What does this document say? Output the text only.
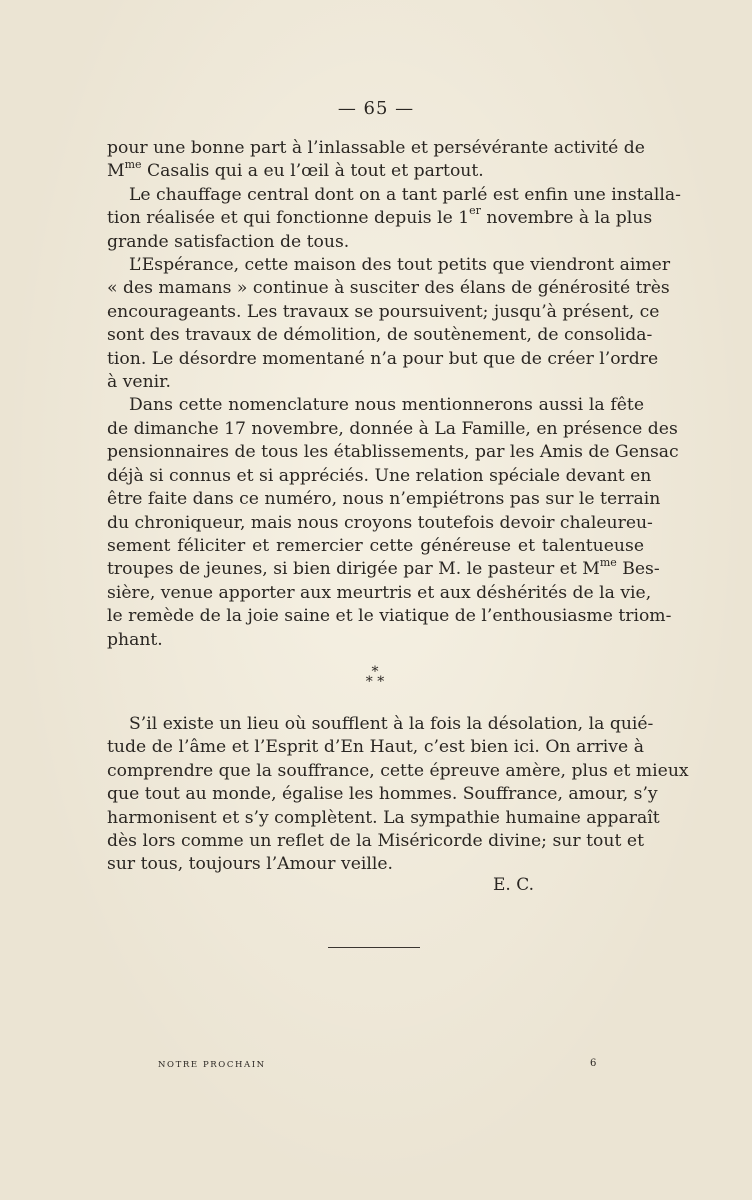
— 65 —
pour une bonne part à l’inlassable et persévérante activité de
$M^{me}$ Casalis qui a eu l’œil à tout et partout.
Le chauffage central dont on a tant parlé est enfin une installa-
tion réalisée et qui fonctionne depuis le 1er novembre à la plus
grande satisfaction de tous.
L’Espérance, cette maison des tout petits que viendront aimer
« des mamans » continue à susciter des élans de générosité très
encourageants. Les travaux se poursuivent; jusqu’à présent, ce
sont des travaux de démolition, de soutènement, de consolida-
tion. Le désordre momentané n’a pour but que de créer l’ordre
à venir.
Dans cette nomenclature nous mentionnerons aussi la fête
de dimanche 17 novembre, donnée à La Famille, en présence des
pensionnaires de tous les établissements, par les Amis de Gensac
déjà si connus et si appréciés. Une relation spéciale devant en
être faite dans ce numéro, nous n’empiétrons pas sur le terrain
du chroniqueur, mais nous croyons toutefois devoir chaleureu-
sement féliciter et remercier cette généreuse et talentueuse
troupes de jeunes, si bien dirigée par M. le pasteur et $M^{me}$ Bes-
sière, venue apporter aux meurtris et aux déshérités de la vie,
le remède de la joie saine et le viatique de l’enthousiasme triom-
phant.
*
* *
S’il existe un lieu où soufflent à la fois la désolation, la quié-
tude de l’âme et l’Esprit d’En Haut, c’est bien ici. On arrive à
comprendre que la souffrance, cette épreuve amère, plus et mieux
que tout au monde, égalise les hommes. Souffrance, amour, s’y
harmonisent et s’y complètent. La sympathie humaine apparaît
dès lors comme un reflet de la Miséricorde divine; sur tout et
sur tous, toujours l’Amour veille.
E. C.
NOTRE PROCHAIN	6
